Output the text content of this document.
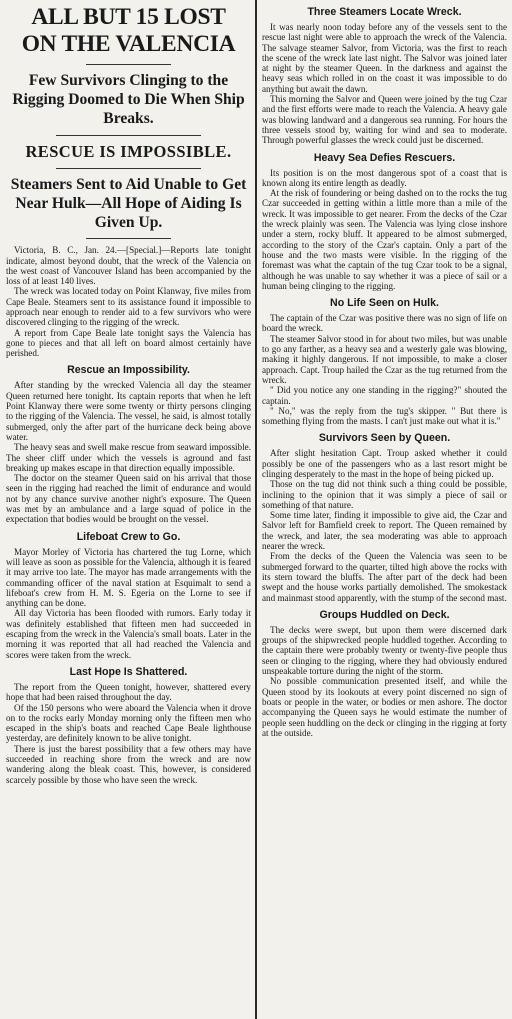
ALL BUT 15 LOST
ON THE VALENCIA
Few Survivors Clinging to the Rigging Doomed to Die When Ship Breaks.
RESCUE IS IMPOSSIBLE.
Steamers Sent to Aid Unable to Get Near Hulk—All Hope of Aiding Is Given Up.

Victoria, B. C., Jan. 24.—[Special.]—Reports late tonight indicate, almost beyond doubt, that the wreck of the Valencia on the west coast of Vancouver Island has been accompanied by the loss of at least 140 lives.

The wreck was located today on Point Klanway, five miles from Cape Beale. Steamers sent to its assistance found it impossible to approach near enough to render aid to a few survivors who were discovered clinging to the rigging of the wreck.

A report from Cape Beale late tonight says the Valencia has gone to pieces and that all left on board almost certainly have perished.

Rescue an Impossibility.

After standing by the wrecked Valencia all day the steamer Queen returned here tonight. Its captain reports that when he left Point Klanway there were some twenty or thirty persons clinging to the rigging of the Valencia. The vessel, he said, is almost totally submerged, only the after part of the hurricane deck being above water.

The heavy seas and swell make rescue from seaward impossible. The sheer cliff under which the vessels is aground and fast breaking up makes escape in that direction equally impossible.

The doctor on the steamer Queen said on his arrival that those seen in the rigging had reached the limit of endurance and would not by any chance survive another night's exposure. The Queen was met by an ambulance and a large squad of police in the expectation that bodies would be brought on the vessel.

Lifeboat Crew to Go.

Mayor Morley of Victoria has chartered the tug Lorne, which will leave as soon as possible for the Valencia, although it is feared it may arrive too late. The mayor has made arrangements with the commanding officer of the naval station at Esquimalt to send a lifeboat's crew from H. M. S. Egeria on the Lorne to see if anything can be done.

All day Victoria has been flooded with rumors. Early today it was definitely established that fifteen men had succeeded in escaping from the wreck in the Valencia's small boats. Later in the morning it was reported that all had reached the Valencia and scores were taken from the wreck.

Last Hope Is Shattered.

The report from the Queen tonight, however, shattered every hope that had been raised throughout the day.

Of the 150 persons who were aboard the Valencia when it drove on to the rocks early Monday morning only the fifteen men who escaped in the ship's boats and reached Cape Beale lighthouse yesterday, are definitely known to be alive tonight.

There is just the barest possibility that a few others may have succeeded in reaching shore from the wreck and are now wandering along the bleak coast. This, however, is considered scarcely possible by those who have seen the wreck.

Three Steamers Locate Wreck.

It was nearly noon today before any of the vessels sent to the rescue last night were able to approach the wreck of the Valencia. The salvage steamer Salvor, from Victoria, was the first to reach the scene of the wreck late last night. The Salvor was joined later at night by the steamer Queen. In the darkness and against the heavy seas which rolled in on the coast it was impossible to do anything but await the dawn.

This morning the Salvor and Queen were joined by the tug Czar and the first efforts were made to reach the Valencia. A heavy gale was blowing landward and a dangerous sea running. For hours the three vessels stood by, waiting for wind and sea to moderate. Through powerful glasses the wreck could just be discerned.

Heavy Sea Defies Rescuers.

Its position is on the most dangerous spot of a coast that is known along its entire length as deadly.

At the risk of foundering or being dashed on to the rocks the tug Czar succeeded in getting within a little more than a mile of the wreck. It was impossible to get nearer. From the decks of the Czar the wreck plainly was seen. The Valencia was lying close inshore under a stern, rocky bluff. It appeared to be almost submerged, according to the story of the Czar's captain. Only a part of the house and the two masts were visible. In the rigging of the foremast was what the captain of the tug Czar took to be a signal, although he was unable to say whether it was a piece of sail or a human being clinging to the rigging.

No Life Seen on Hulk.

The captain of the Czar was positive there was no sign of life on board the wreck.

The steamer Salvor stood in for about two miles, but was unable to go any farther, as a heavy sea and a westerly gale was blowing, making it highly dangerous. If not impossible, to make a closer approach. Capt. Troup hailed the Czar as the tug returned from the wreck.

" Did you notice any one standing in the rigging?" shouted the captain.

" No," was the reply from the tug's skipper. " But there is something flying from the masts. I can't just make out what it is."

Survivors Seen by Queen.

After slight hesitation Capt. Troup asked whether it could possibly be one of the passengers who as a last resort might be clinging desperately to the mast in the hope of being picked up.

Those on the tug did not think such a thing could be possible, inclining to the opinion that it was simply a piece of sail or something of that nature.

Some time later, finding it impossible to give aid, the Czar and Salvor left for Bamfield creek to report. The Queen remained by the wreck, and later, the sea moderating was able to approach nearer the wreck.

From the decks of the Queen the Valencia was seen to be submerged forward to the quarter, tilted high above the rocks with its stern toward the bluffs. The after part of the deck had been swept and the house works partially demolished. The smokestack and mainmast stood apparently, with the stump of the second mast.

Groups Huddled on Deck.

The decks were swept, but upon them were discerned dark groups of the shipwrecked people huddled together. According to the captain there were probably twenty or twenty-five people thus seen or clinging to the rigging, where they had obviously endured unspeakable torture during the night of the storm.

No possible communication presented itself, and while the Queen stood by its lookouts at every point discerned no sign of boats or people in the water, or bodies or men ashore. The doctor accompanying the Queen says he would estimate the number of people seen huddling on the deck or clinging in the rigging at forty at the outside.
